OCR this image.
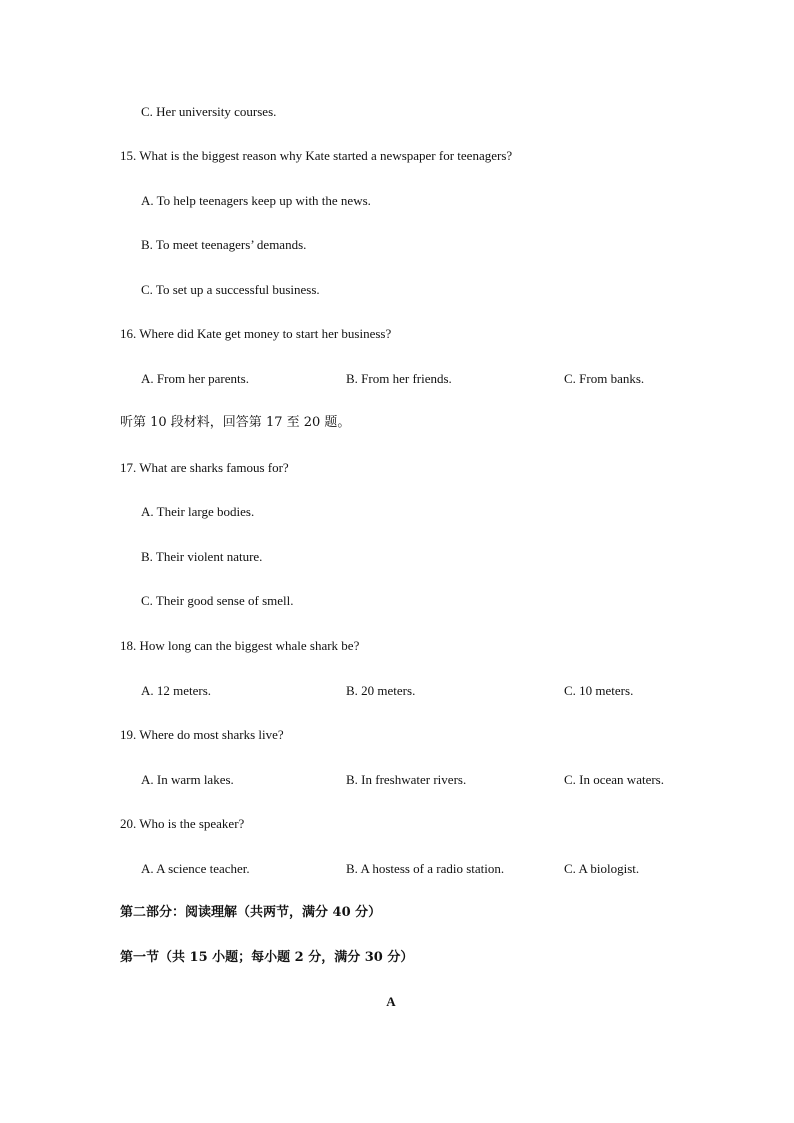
C. Her university courses.
15. What is the biggest reason why Kate started a newspaper for teenagers?
A. To help teenagers keep up with the news.
B. To meet teenagers’ demands.
C. To set up a successful business.
16. Where did Kate get money to start her business?
A. From her parents.	B. From her friends.	C. From banks.
听第 10 段材料，回答第 17 至 20 题。
17. What are sharks famous for?
A. Their large bodies.
B. Their violent nature.
C. Their good sense of smell.
18. How long can the biggest whale shark be?
A. 12 meters.	B. 20 meters.	C. 10 meters.
19. Where do most sharks live?
A. In warm lakes.	B. In freshwater rivers.	C. In ocean waters.
20. Who is the speaker?
A. A science teacher.	B. A hostess of a radio station.	C. A biologist.
第二部分：阅读理解（共两节，满分 40 分）
第一节（共 15 小题；每小题 2 分，满分 30 分）
A
